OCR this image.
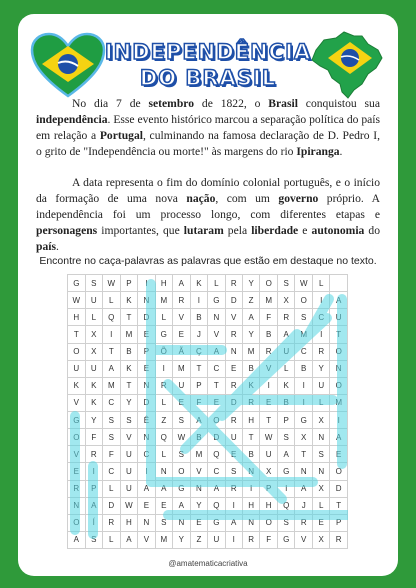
INDEPENDÊNCIA
DO BRASIL

No dia 7 de setembro de 1822, o Brasil conquistou sua independência. Esse evento histórico marcou a separação política do país em relação a Portugal, culminando na famosa declaração de D. Pedro I, o grito de "Independência ou morte!" às margens do rio Ipiranga.

A data representa o fim do domínio colonial português, e o início da formação de uma nova nação, com um governo próprio. A independência foi um processo longo, com diferentes etapas e personagens importantes, que lutaram pela liberdade e autonomia do país.

Encontre no caça-palavras as palavras que estão em destaque no texto.
G	S	W	P	I	H	A	K	L	R	Y	O	S	W	L	
W	U	L	K	N	M	R	I	G	D	Z	M	X	O	I	A
H	L	Q	T	D	L	V	B	N	V	A	F	R	S	C	U
T	X	I	M	E	G	E	J	V	R	Y	B	A	M	I	T
O	X	T	B	P	Õ	Ã	Ç	A	N	M	R	U	C	R	O
U	U	A	K	E	I	M	T	C	E	B	V	L	B	Y	N
K	K	M	T	N	R	U	P	T	R	K	I	K	I	U	O
V	K	C	Y	D	L	E	F	E	D	R	E	B	I	L	M
G	Y	S	S	Ê	Z	S	A	O	R	H	T	P	G	X	I
O	F	S	V	N	Q	W	B	D	U	T	W	S	X	N	A
V	R	F	U	C	L	S	M	Q	E	B	U	A	T	S	E
E	I	C	U	I	N	O	V	C	S	N	X	G	N	N	O
R	P	L	U	A	A	G	N	A	R	I	P	I	A	X	D
N	A	D	W	E	E	A	Y	Q	I	H	H	Q	J	L	T
O	Í	R	H	N	S	N	E	G	A	N	O	S	R	E	P
A	S	L	A	V	M	Y	Z	U	I	R	F	G	V	X	R
@amatematicacriativa
